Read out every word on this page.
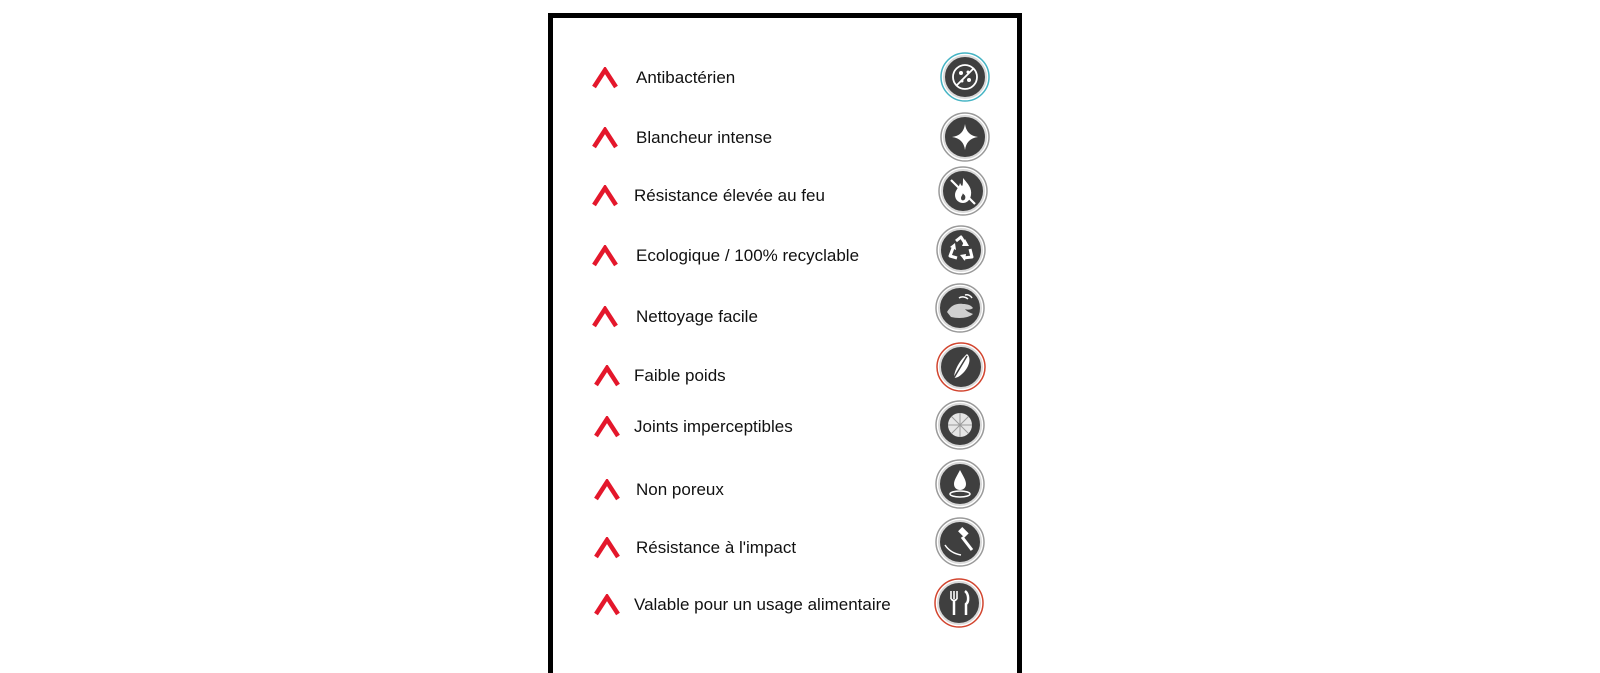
Antibactérien
Blancheur intense
Résistance élevée au feu
Ecologique / 100% recyclable
Nettoyage facile
Faible poids
Joints imperceptibles
Non poreux
Résistance à l'impact
Valable pour un usage alimentaire
